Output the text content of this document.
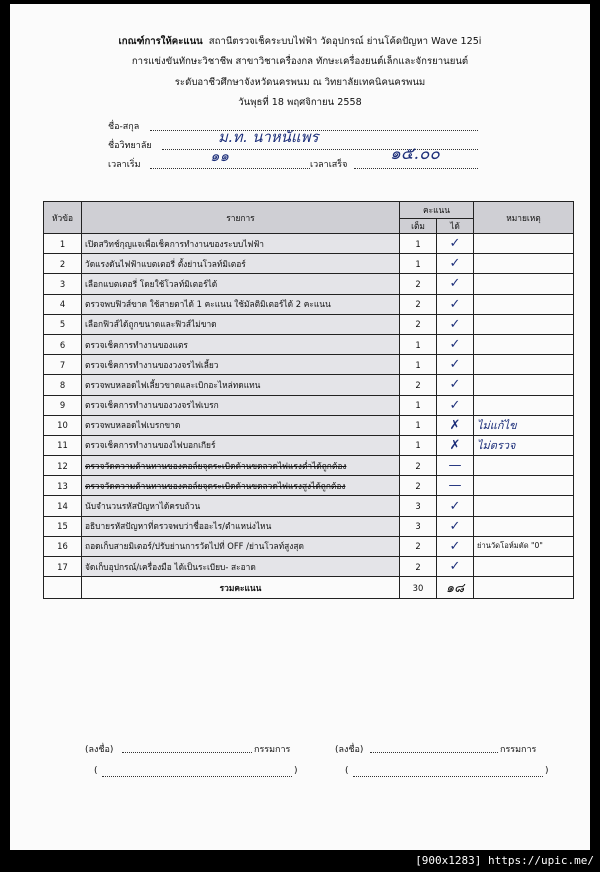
เกณฑ์การให้คะแนน สถานีตรวจเช็คระบบไฟฟ้า วัดอุปกรณ์ ย่านโค้ดปัญหา Wave 125i
การแข่งขันทักษะวิชาชีพ สาขาวิชาเครื่องกล ทักษะเครื่องยนต์เล็กและจักรยานยนต์
ระดับอาชีวศึกษาจังหวัดนครพนม ณ วิทยาลัยเทคนิคนครพนม
วันพุธที่ 18 พฤศจิกายน 2558
ชื่อ-สกุล
ชื่อวิทยาลัย	ม.ท. นาหนัแพร
เวลาเริ่ม	๑๑	เวลาเสร็จ
๑๕.๐๐
หัวข้อ	รายการ	คะแนน		หมายเหตุ
		เต็ม	ได้	
1	เปิดสวิทช์กุญแจเพื่อเช็คการทำงานของระบบไฟฟ้า	1	✓	
2	วัดแรงดันไฟฟ้าแบตเตอรี่ ตั้งย่านโวลท์มิเตอร์	1	✓	
3	เลือกแบตเตอรี่ โดยใช้โวลท์มิเตอร์ได้	2	✓	
4	ตรวจพบฟิวส์ขาด ใช้สายตาได้ 1 คะแนน ใช้มัลติมิเตอร์ได้ 2 คะแนน	2	✓	
5	เลือกฟิวส์ได้ถูกขนาดและฟิวส์ไม่ขาด	2	✓	
6	ตรวจเช็คการทำงานของแตร	1	✓	
7	ตรวจเช็คการทำงานของวงจรไฟเลี้ยว	1	✓	
8	ตรวจพบหลอดไฟเลี้ยวขาดและเบิกอะไหล่ทดแทน	2	✓	
9	ตรวจเช็คการทำงานของวงจรไฟเบรก	1	✓	
10	ตรวจพบหลอดไฟเบรกขาด	1	✗	ไม่แก้ไข
11	ตรวจเช็คการทำงานของไฟบอกเกียร์	1	✗	ไม่ตรวจ
12	ตรวจวัดความต้านทานของคอล์ยจุดระเบิดด้านขดลวดไฟแรงต่ำได้ถูกต้อง	2	—	
13	ตรวจวัดความต้านทานของคอล์ยจุดระเบิดด้านขดลวดไฟแรงสูงได้ถูกต้อง	2	—	
14	นับจำนวนรหัสปัญหาได้ครบถ้วน	3	✓	
15	อธิบายรหัสปัญหาที่ตรวจพบว่าชื่ออะไร/ตำแหน่งไหน	3	✓	
16	ถอดเก็บสายมิเตอร์/ปรับย่านการวัดไปที่ OFF /ย่านโวลท์สูงสุด	2	✓	ย่านวัดโอห์มตัด "0"
17	จัดเก็บอุปกรณ์/เครื่องมือ ได้เป็นระเบียบ- สะอาด	2	✓	
	รวมคะแนน	30	๑๘	
(ลงชื่อ)	กรรมการ
(	)
(ลงชื่อ)	กรรมการ
(	)
[900x1283] https://upic.me/
